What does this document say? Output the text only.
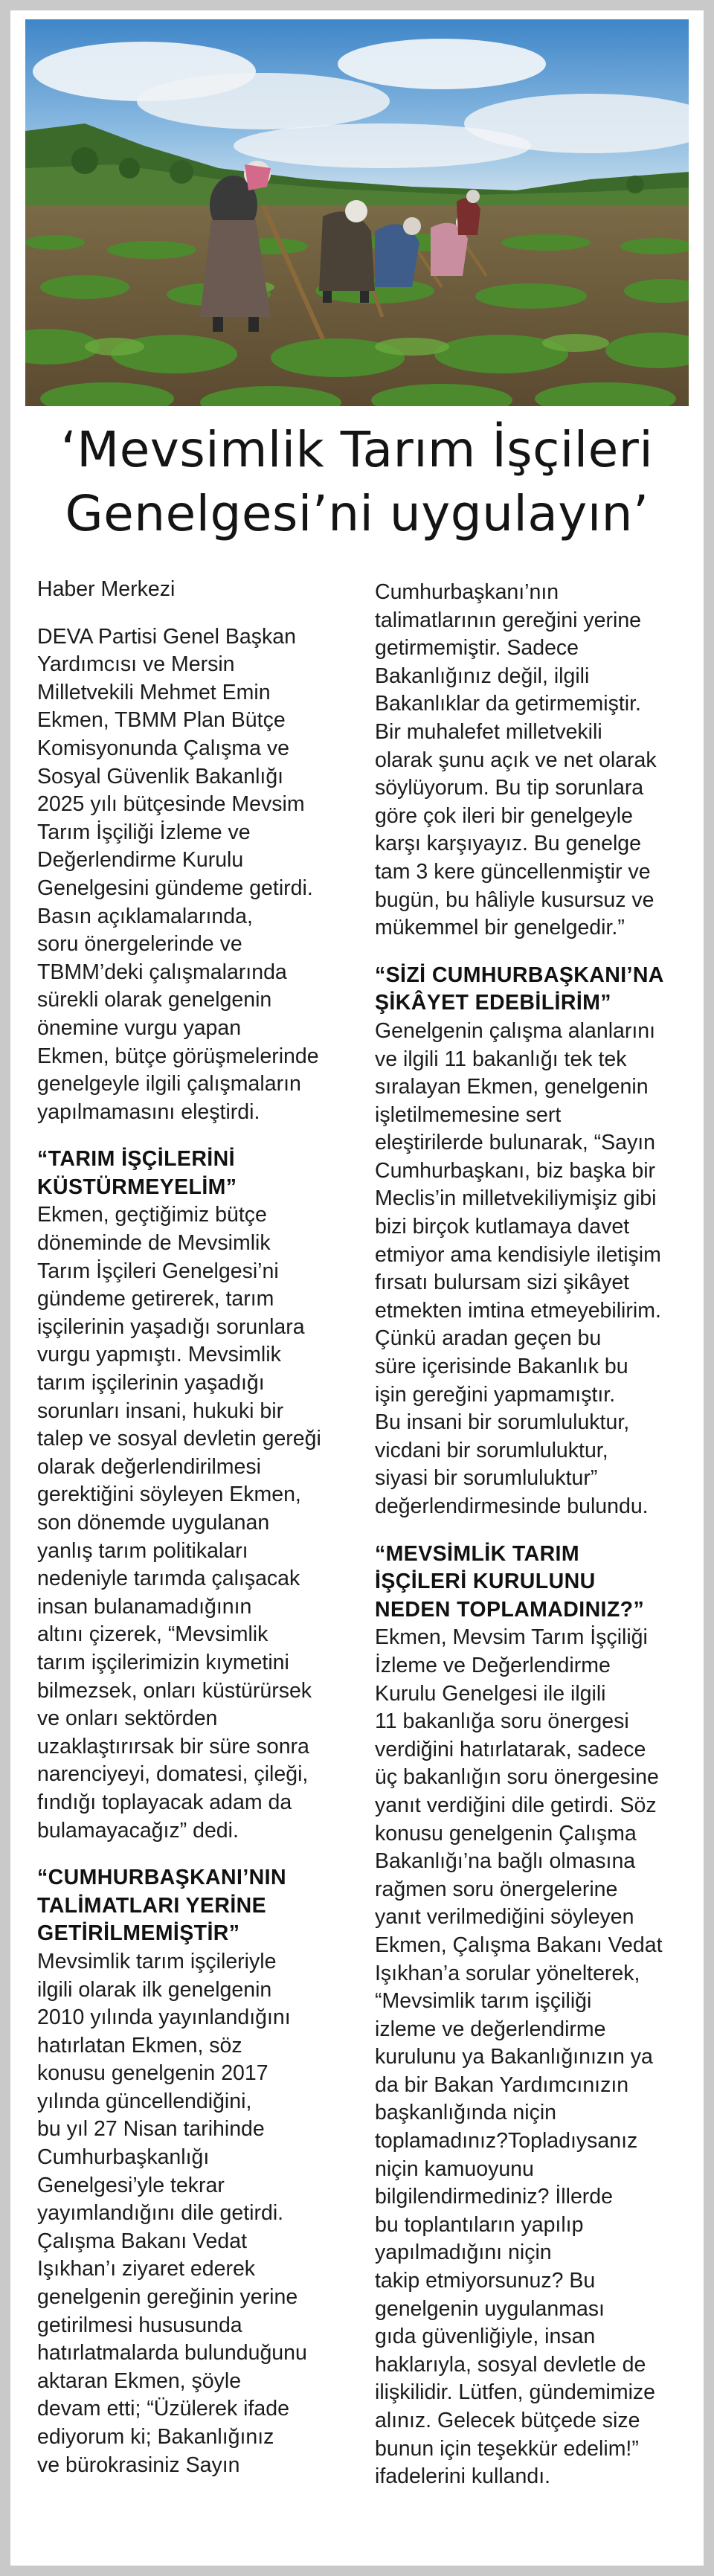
‘Mevsimlik Tarım İşçileri
Genelgesi’ni uygulayın’
Haber Merkezi
DEVA Partisi Genel Başkan
Yardımcısı ve Mersin
Milletvekili Mehmet Emin
Ekmen, TBMM Plan Bütçe
Komisyonunda Çalışma ve
Sosyal Güvenlik Bakanlığı
2025 yılı bütçesinde Mevsim
Tarım İşçiliği İzleme ve
Değerlendirme Kurulu
Genelgesini gündeme getirdi.
Basın açıklamalarında,
soru önergelerinde ve
TBMM’deki çalışmalarında
sürekli olarak genelgenin
önemine vurgu yapan
Ekmen, bütçe görüşmelerinde
genelgeyle ilgili çalışmaların
yapılmamasını eleştirdi.
“TARIM İŞÇİLERİNİ
KÜSTÜRMEYELİM”
Ekmen, geçtiğimiz bütçe
döneminde de Mevsimlik
Tarım İşçileri Genelgesi’ni
gündeme getirerek, tarım
işçilerinin yaşadığı sorunlara
vurgu yapmıştı. Mevsimlik
tarım işçilerinin yaşadığı
sorunları insani, hukuki bir
talep ve sosyal devletin gereği
olarak değerlendirilmesi
gerektiğini söyleyen Ekmen,
son dönemde uygulanan
yanlış tarım politikaları
nedeniyle tarımda çalışacak
insan bulanamadığının
altını çizerek, “Mevsimlik
tarım işçilerimizin kıymetini
bilmezsek, onları küstürürsek
ve onları sektörden
uzaklaştırırsak bir süre sonra
narenciyeyi, domatesi, çileği,
fındığı toplayacak adam da
bulamayacağız” dedi.
“CUMHURBAŞKANI’NIN
TALİMATLARI YERİNE
GETİRİLMEMİŞTİR”
Mevsimlik tarım işçileriyle
ilgili olarak ilk genelgenin
2010 yılında yayınlandığını
hatırlatan Ekmen, söz
konusu genelgenin 2017
yılında güncellendiğini,
bu yıl 27 Nisan tarihinde
Cumhurbaşkanlığı
Genelgesi’yle tekrar
yayımlandığını dile getirdi.
Çalışma Bakanı Vedat
Işıkhan’ı ziyaret ederek
genelgenin gereğinin yerine
getirilmesi hususunda
hatırlatmalarda bulunduğunu
aktaran Ekmen, şöyle
devam etti; “Üzülerek ifade
ediyorum ki; Bakanlığınız
ve bürokrasiniz Sayın
Cumhurbaşkanı’nın
talimatlarının gereğini yerine
getirmemiştir. Sadece
Bakanlığınız değil, ilgili
Bakanlıklar da getirmemiştir.
Bir muhalefet milletvekili
olarak şunu açık ve net olarak
söylüyorum. Bu tip sorunlara
göre çok ileri bir genelgeyle
karşı karşıyayız. Bu genelge
tam 3 kere güncellenmiştir ve
bugün, bu hâliyle kusursuz ve
mükemmel bir genelgedir.”
“SİZİ CUMHURBAŞKANI’NA
ŞİKÂYET EDEBİLİRİM”
Genelgenin çalışma alanlarını
ve ilgili 11 bakanlığı tek tek
sıralayan Ekmen, genelgenin
işletilmemesine sert
eleştirilerde bulunarak, “Sayın
Cumhurbaşkanı, biz başka bir
Meclis’in milletvekiliymişiz gibi
bizi birçok kutlamaya davet
etmiyor ama kendisiyle iletişim
fırsatı bulursam sizi şikâyet
etmekten imtina etmeyebilirim.
Çünkü aradan geçen bu
süre içerisinde Bakanlık bu
işin gereğini yapmamıştır.
Bu insani bir sorumluluktur,
vicdani bir sorumluluktur,
siyasi bir sorumluluktur”
değerlendirmesinde bulundu.
“MEVSİMLİK TARIM
İŞÇİLERİ KURULUNU
NEDEN TOPLAMADINIZ?”
Ekmen, Mevsim Tarım İşçiliği
İzleme ve Değerlendirme
Kurulu Genelgesi ile ilgili
11 bakanlığa soru önergesi
verdiğini hatırlatarak, sadece
üç bakanlığın soru önergesine
yanıt verdiğini dile getirdi. Söz
konusu genelgenin Çalışma
Bakanlığı’na bağlı olmasına
rağmen soru önergelerine
yanıt verilmediğini söyleyen
Ekmen, Çalışma Bakanı Vedat
Işıkhan’a sorular yönelterek,
“Mevsimlik tarım işçiliği
izleme ve değerlendirme
kurulunu ya Bakanlığınızın ya
da bir Bakan Yardımcınızın
başkanlığında niçin
toplamadınız?Topladıysanız
niçin kamuoyunu
bilgilendirmediniz? İllerde
bu toplantıların yapılıp
yapılmadığını niçin
takip etmiyorsunuz? Bu
genelgenin uygulanması
gıda güvenliğiyle, insan
haklarıyla, sosyal devletle de
ilişkilidir. Lütfen, gündemimize
alınız. Gelecek bütçede size
bunun için teşekkür edelim!”
ifadelerini kullandı.
